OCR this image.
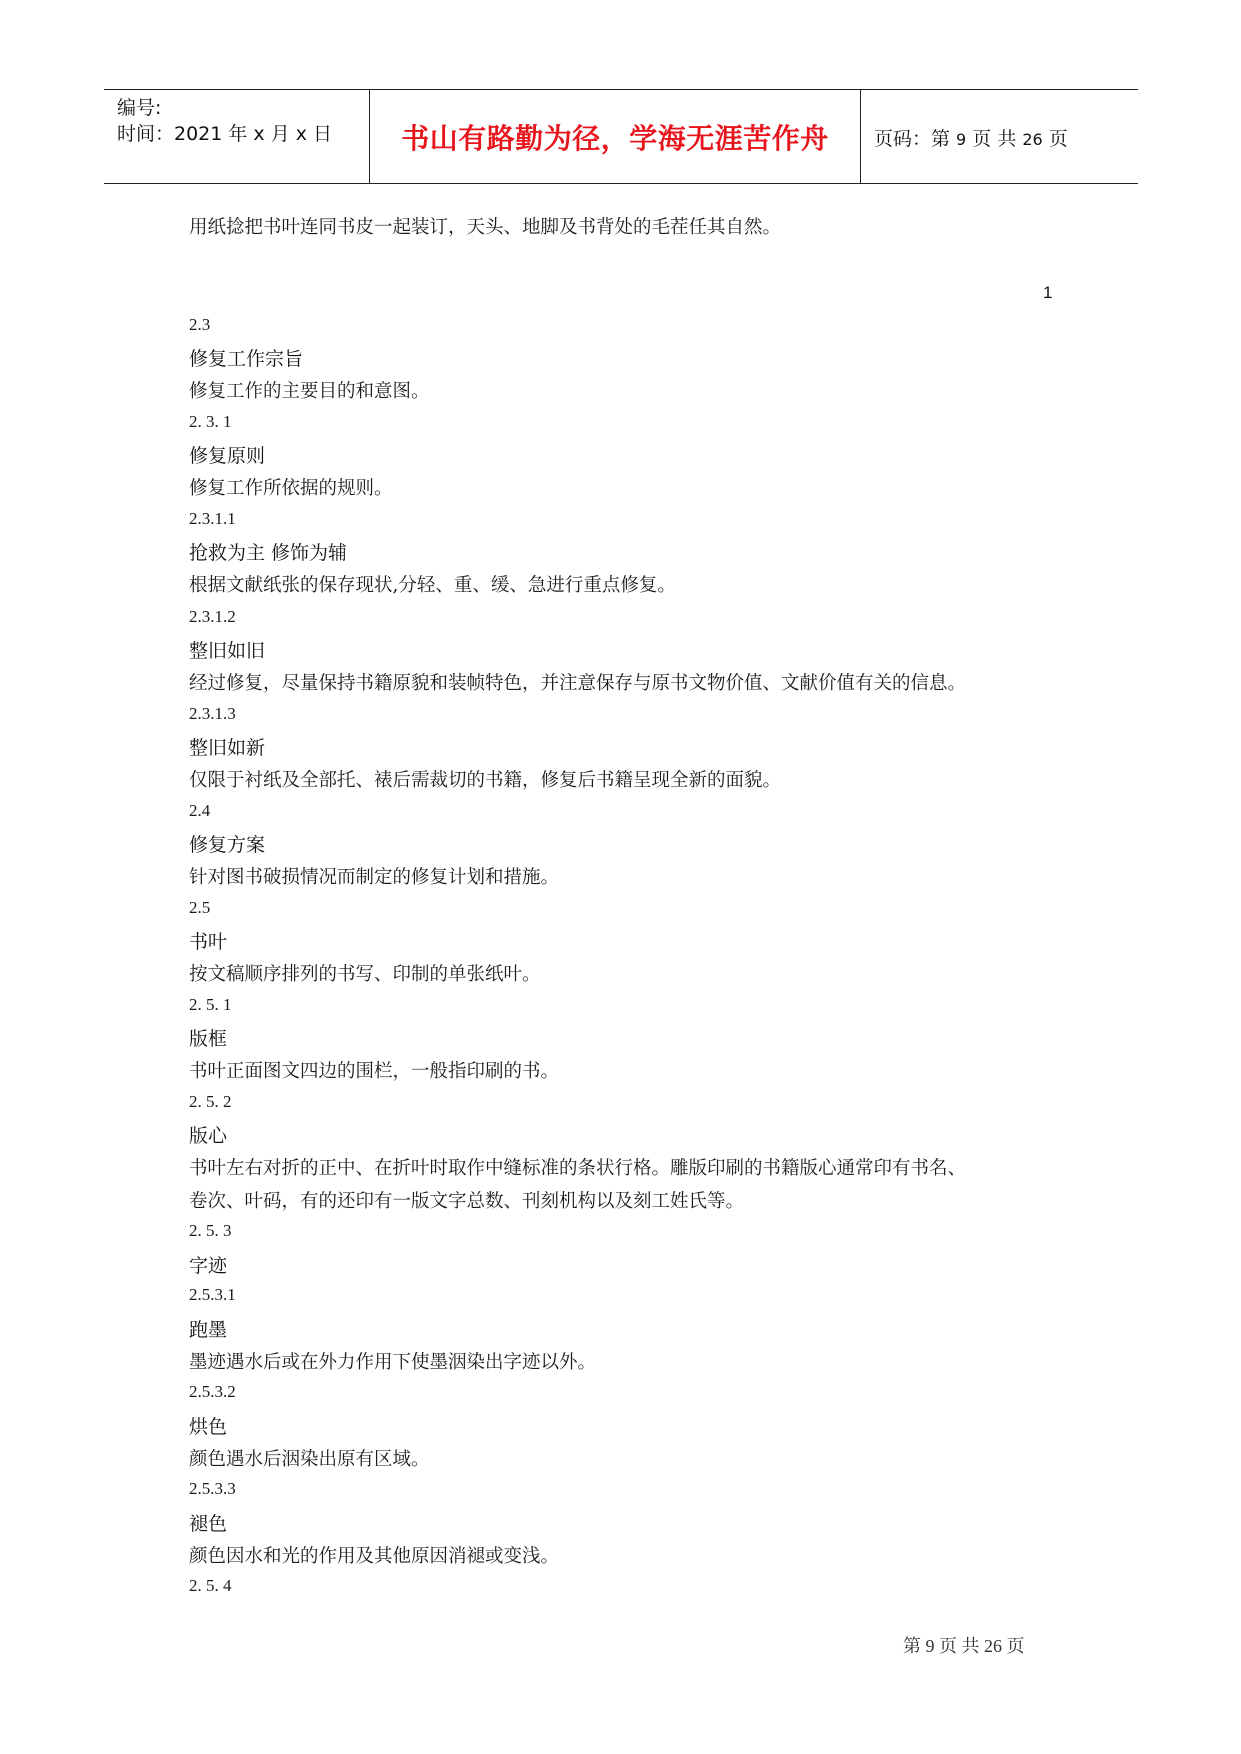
编号:
时间：2021 年 x 月 x 日	书山有路勤为径，学海无涯苦作舟	页码：第 9 页 共 26 页
用纸捻把书叶连同书皮一起装订，天头、地脚及书背处的毛茬任其自然。
1
2.3
修复工作宗旨
修复工作的主要目的和意图。
2. 3. 1
修复原则
修复工作所依据的规则。
2.3.1.1
抢救为主 修饰为辅
根据文献纸张的保存现状,分轻、重、缓、急进行重点修复。
2.3.1.2
整旧如旧
经过修复，尽量保持书籍原貌和装帧特色，并注意保存与原书文物价值、文献价值有关的信息。
2.3.1.3
整旧如新
仅限于衬纸及全部托、裱后需裁切的书籍，修复后书籍呈现全新的面貌。
2.4
修复方案
针对图书破损情况而制定的修复计划和措施。
2.5
书叶
按文稿顺序排列的书写、印制的单张纸叶。
2. 5. 1
版框
书叶正面图文四边的围栏，一般指印刷的书。
2. 5. 2
版心
书叶左右对折的正中、在折叶时取作中缝标准的条状行格。雕版印刷的书籍版心通常印有书名、
卷次、叶码，有的还印有一版文字总数、刊刻机构以及刻工姓氏等。
2. 5. 3
字迹
2.5.3.1
跑墨
墨迹遇水后或在外力作用下使墨洇染出字迹以外。
2.5.3.2
烘色
颜色遇水后洇染出原有区域。
2.5.3.3
褪色
颜色因水和光的作用及其他原因消褪或变浅。
2. 5. 4
第 9 页 共 26 页
